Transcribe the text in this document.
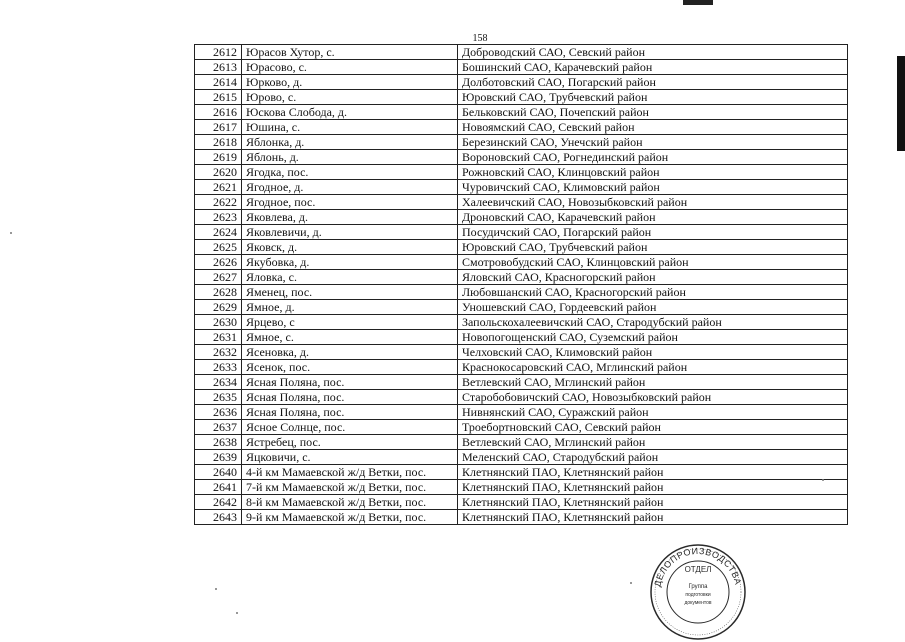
158
2612	Юрасов Хутор, с.	Доброводский САО, Севский район
2613	Юрасово, с.	Бошинский САО, Карачевский район
2614	Юрково, д.	Долботовский САО, Погарский район
2615	Юрово, с.	Юровский САО, Трубчевский район
2616	Юскова Слобода, д.	Бельковский САО, Почепский район
2617	Юшина, с.	Новоямский САО, Севский район
2618	Яблонка, д.	Березинский САО, Унечский район
2619	Яблонь, д.	Вороновский САО, Рогнединский район
2620	Ягодка, пос.	Рожновский САО, Клинцовский район
2621	Ягодное, д.	Чуровичский САО, Климовский район
2622	Ягодное, пос.	Халеевичский САО, Новозыбковский район
2623	Яковлева, д.	Дроновский САО, Карачевский район
2624	Яковлевичи, д.	Посудичский САО, Погарский район
2625	Яковск, д.	Юровский САО, Трубчевский район
2626	Якубовка, д.	Смотровобудский САО, Клинцовский район
2627	Яловка, с.	Яловский САО, Красногорский район
2628	Яменец, пос.	Любовшанский САО, Красногорский район
2629	Ямное, д.	Уношевский САО, Гордеевский район
2630	Ярцево, с	Запольскохалеевичский САО, Стародубский район
2631	Ямное, с.	Новопогощенский САО, Суземский район
2632	Ясеновка, д.	Челховский САО, Климовский район
2633	Ясенок, пос.	Краснокосаровский САО, Мглинский район
2634	Ясная Поляна, пос.	Ветлевский САО, Мглинский район
2635	Ясная Поляна, пос.	Старобобовичский САО, Новозыбковский район
2636	Ясная Поляна, пос.	Нивнянский САО, Суражский район
2637	Ясное Солнце, пос.	Троебортновский САО, Севский район
2638	Ястребец, пос.	Ветлевский САО, Мглинский район
2639	Яцковичи, с.	Меленский САО, Стародубский район
2640	4-й км Мамаевской ж/д Ветки, пос.	Клетнянский ПАО, Клетнянский район
2641	7-й км Мамаевской ж/д Ветки, пос.	Клетнянский ПАО, Клетнянский район
2642	8-й км Мамаевской ж/д Ветки, пос.	Клетнянский ПАО, Клетнянский район
2643	9-й км Мамаевской ж/д Ветки, пос.	Клетнянский ПАО, Клетнянский район
ДЕЛОПРОИЗВОДСТВА
ОТДЕЛ
Группа
подготовки
документов
